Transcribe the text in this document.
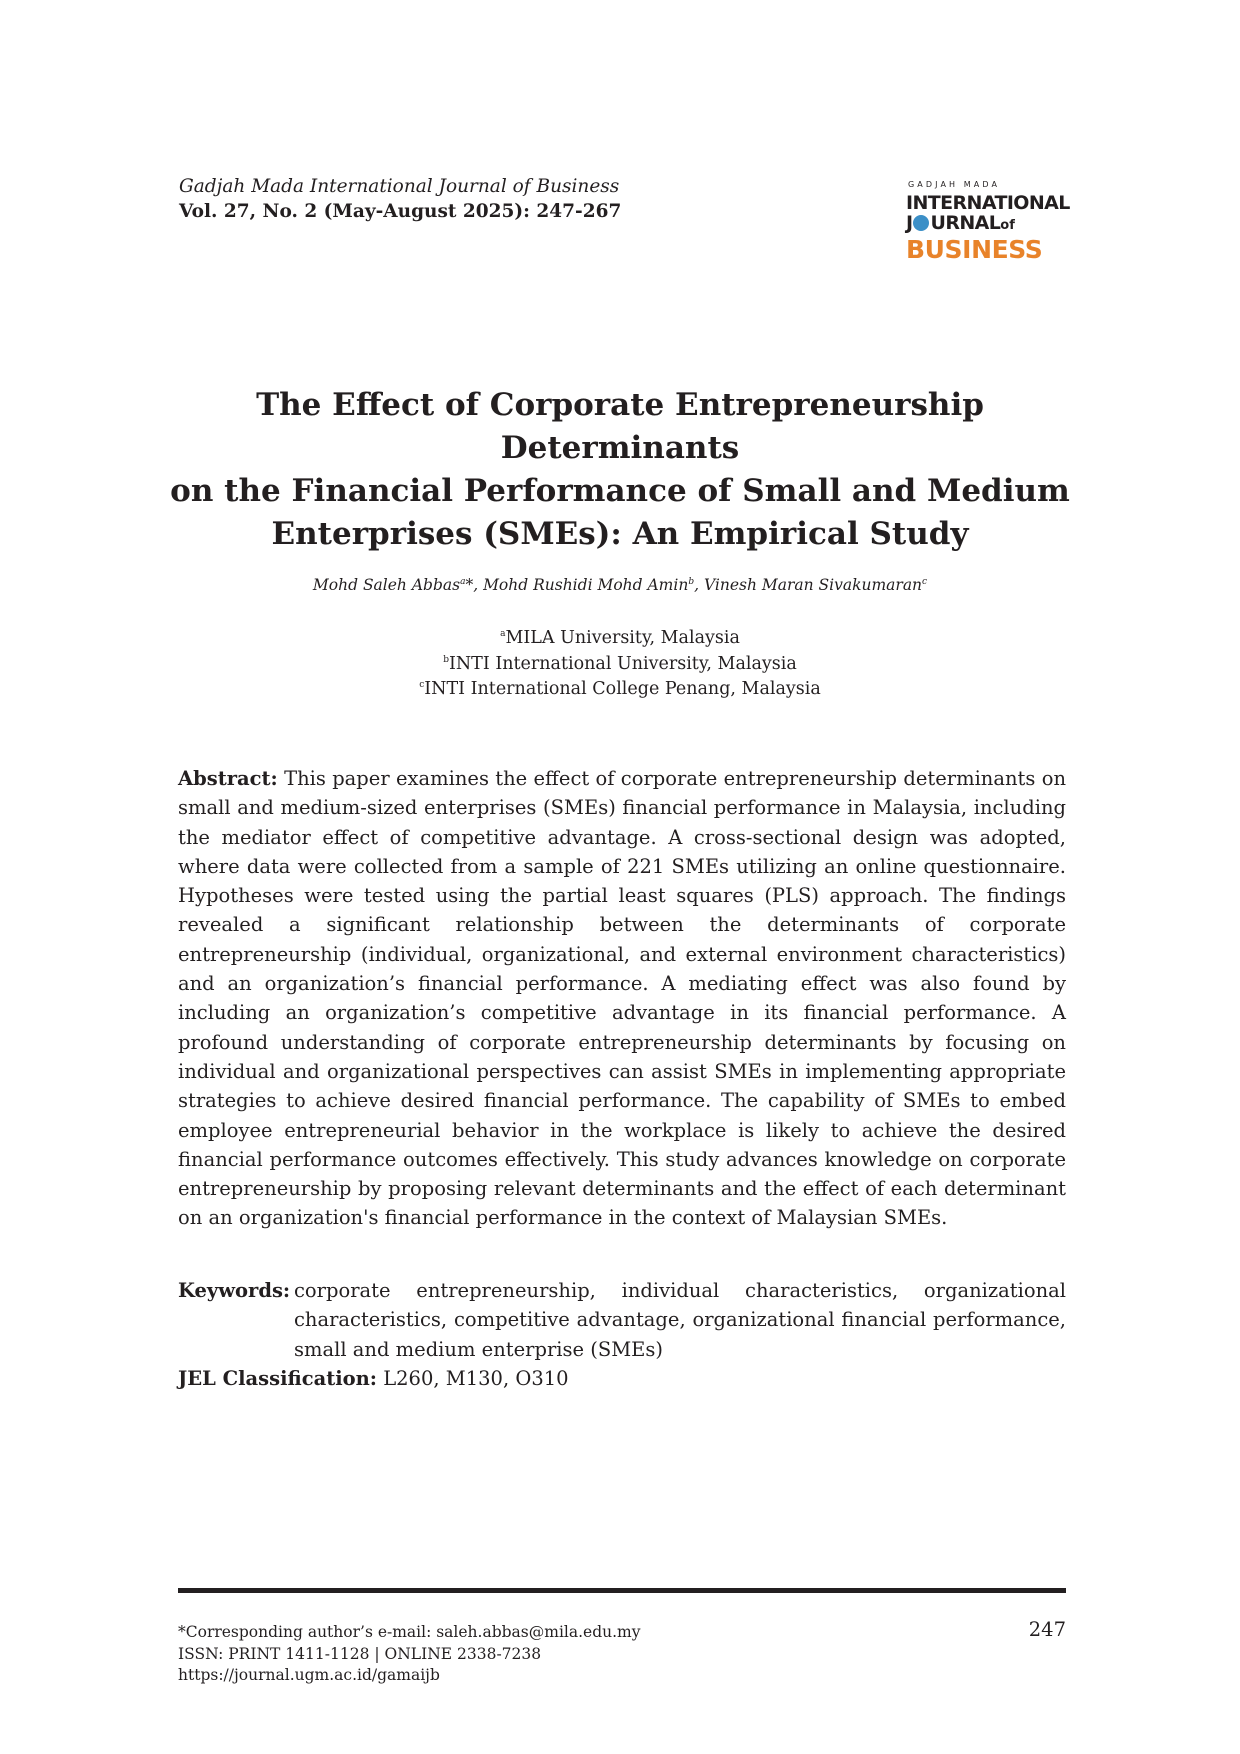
Gadjah Mada International Journal of Business
Vol. 27, No. 2 (May-August 2025): 247-267
GADJAH MADA
INTERNATIONAL
J URNAL of
BUSINESS
The Effect of Corporate Entrepreneurship Determinants
on the Financial Performance of Small and Medium
Enterprises (SMEs): An Empirical Study
Mohd Saleh Abbas$^a$*, Mohd Rushidi Mohd Amin$^b$, Vinesh Maran Sivakumaran$^c$
$^a$MILA University, Malaysia
$^b$INTI International University, Malaysia
$^c$INTI International College Penang, Malaysia
Abstract: This paper examines the effect of corporate entrepreneurship determinants on small and medium-sized enterprises (SMEs) financial performance in Malaysia, including the mediator effect of competitive advantage. A cross-sectional design was adopted, where data were collected from a sample of 221 SMEs utilizing an online questionnaire. Hypotheses were tested using the partial least squares (PLS) approach. The findings revealed a significant relationship between the determinants of corporate entrepreneurship (individual, organizational, and external environment characteristics) and an organization’s financial performance. A mediating effect was also found by including an organization’s competitive advantage in its financial performance. A profound understanding of corporate entrepreneurship determinants by focusing on individual and organizational perspectives can assist SMEs in implementing appropriate strategies to achieve desired financial performance. The capability of SMEs to embed employee entrepreneurial behavior in the workplace is likely to achieve the desired financial performance outcomes effectively. This study advances knowledge on corporate entrepreneurship by proposing relevant determinants and the effect of each determinant on an organization's financial performance in the context of Malaysian SMEs.
Keywords: corporate entrepreneurship, individual characteristics, organizational characteristics, competitive advantage, organizational financial performance, small and medium enterprise (SMEs)
JEL Classification: L260, M130, O310
*Corresponding author’s e-mail: saleh.abbas@mila.edu.my
ISSN: PRINT 1411-1128 | ONLINE 2338-7238
https://journal.ugm.ac.id/gamaijb
247
